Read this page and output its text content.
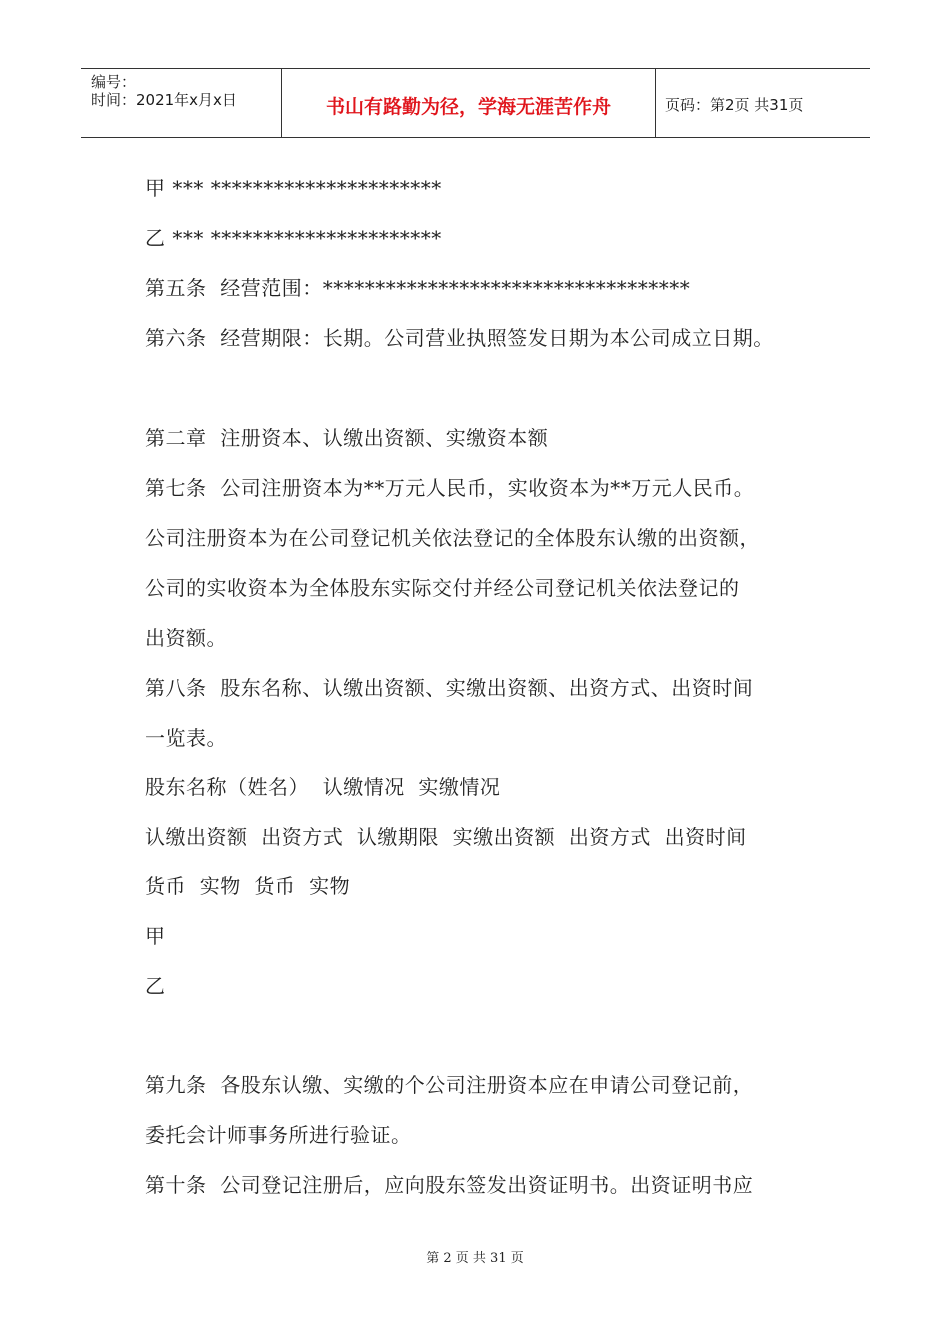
编号：
时间：2021年x月x日	书山有路勤为径，学海无涯苦作舟	页码：第2页 共31页
甲 *** **********************
乙 *** **********************
第五条  经营范围：***********************************
第六条  经营期限：长期。公司营业执照签发日期为本公司成立日期。
第二章  注册资本、认缴出资额、实缴资本额
第七条  公司注册资本为**万元人民币，实收资本为**万元人民币。
公司注册资本为在公司登记机关依法登记的全体股东认缴的出资额，
公司的实收资本为全体股东实际交付并经公司登记机关依法登记的
出资额。
第八条  股东名称、认缴出资额、实缴出资额、出资方式、出资时间
一览表。
股东名称（姓名）  认缴情况  实缴情况
认缴出资额  出资方式  认缴期限  实缴出资额  出资方式  出资时间
货币  实物  货币  实物
甲
乙
第九条  各股东认缴、实缴的个公司注册资本应在申请公司登记前，
委托会计师事务所进行验证。
第十条  公司登记注册后，应向股东签发出资证明书。出资证明书应
第 2 页 共 31 页
